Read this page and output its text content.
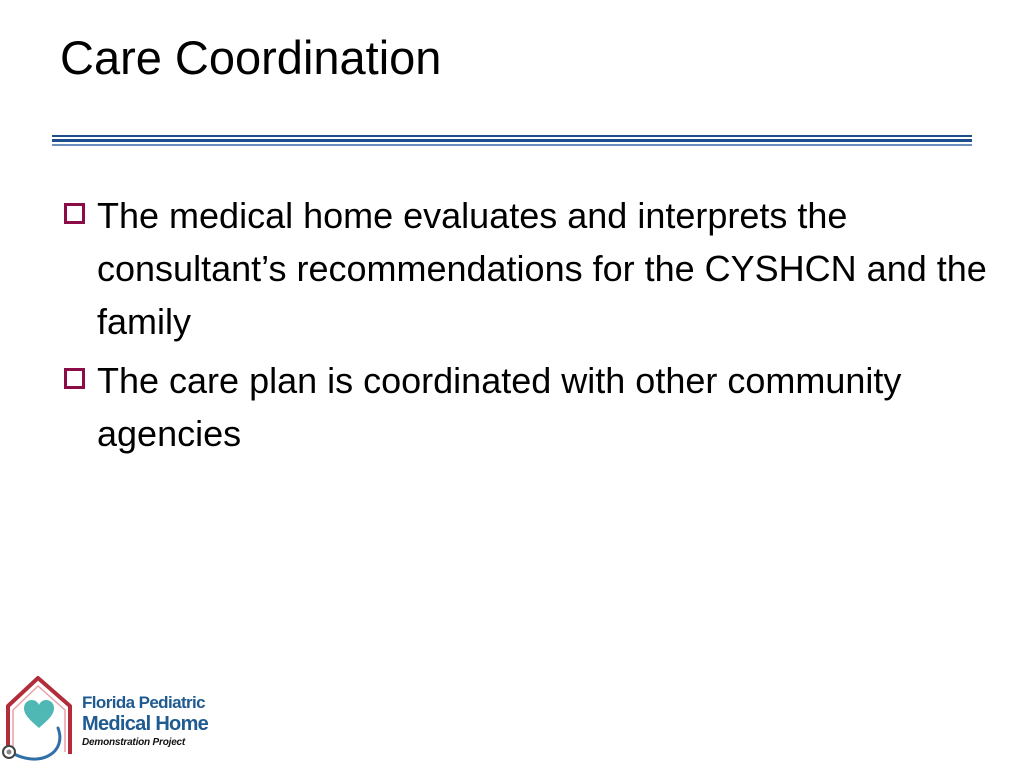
Care Coordination
The medical home evaluates and interprets the consultant’s recommendations for the CYSHCN and the family
The care plan is coordinated with other community agencies
Florida Pediatric
Medical Home
Demonstration Project
